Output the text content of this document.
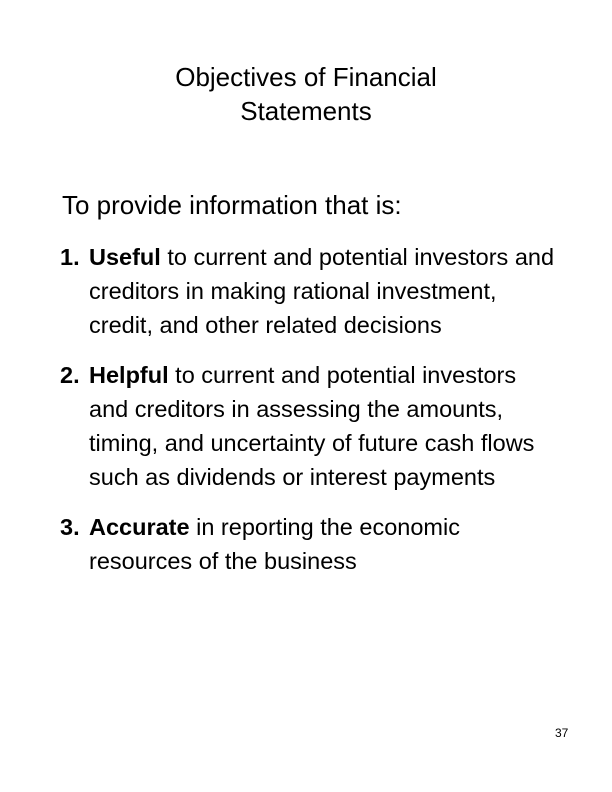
Objectives of Financial
Statements

To provide information that is:

1. Useful to current and potential investors and creditors in making rational investment, credit, and other related decisions
2. Helpful to current and potential investors and creditors in assessing the amounts, timing, and uncertainty of future cash flows such as dividends or interest payments
3. Accurate in reporting the economic resources of the business
37
